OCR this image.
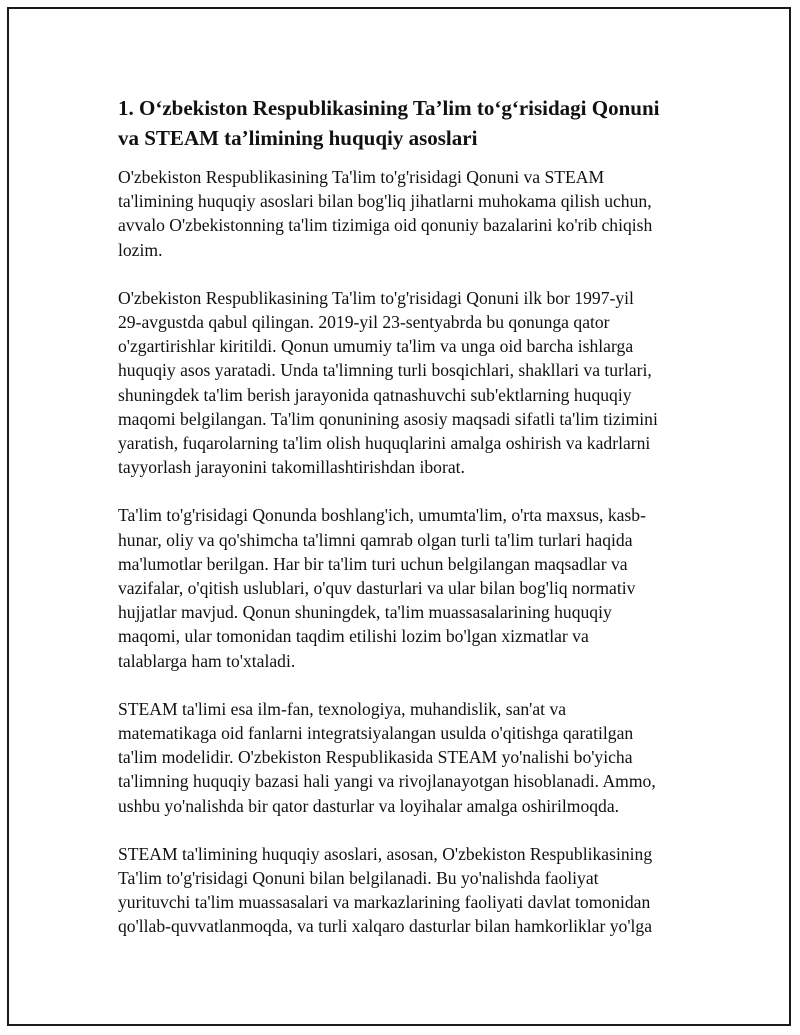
1. O‘zbekiston Respublikasining Ta’lim to‘g‘risidagi Qonuni
va STEAM ta’limining huquqiy asoslari

O'zbekiston Respublikasining Ta'lim to'g'risidagi Qonuni va STEAM
ta'limining huquqiy asoslari bilan bog'liq jihatlarni muhokama qilish uchun,
avvalo O'zbekistonning ta'lim tizimiga oid qonuniy bazalarini ko'rib chiqish
lozim.

O'zbekiston Respublikasining Ta'lim to'g'risidagi Qonuni ilk bor 1997-yil
29-avgustda qabul qilingan. 2019-yil 23-sentyabrda bu qonunga qator
o'zgartirishlar kiritildi. Qonun umumiy ta'lim va unga oid barcha ishlarga
huquqiy asos yaratadi. Unda ta'limning turli bosqichlari, shakllari va turlari,
shuningdek ta'lim berish jarayonida qatnashuvchi sub'ektlarning huquqiy
maqomi belgilangan. Ta'lim qonunining asosiy maqsadi sifatli ta'lim tizimini
yaratish, fuqarolarning ta'lim olish huquqlarini amalga oshirish va kadrlarni
tayyorlash jarayonini takomillashtirishdan iborat.

Ta'lim to'g'risidagi Qonunda boshlang'ich, umumta'lim, o'rta maxsus, kasb-
hunar, oliy va qo'shimcha ta'limni qamrab olgan turli ta'lim turlari haqida
ma'lumotlar berilgan. Har bir ta'lim turi uchun belgilangan maqsadlar va
vazifalar, o'qitish uslublari, o'quv dasturlari va ular bilan bog'liq normativ
hujjatlar mavjud. Qonun shuningdek, ta'lim muassasalarining huquqiy
maqomi, ular tomonidan taqdim etilishi lozim bo'lgan xizmatlar va
talablarga ham to'xtaladi.

STEAM ta'limi esa ilm-fan, texnologiya, muhandislik, san'at va
matematikaga oid fanlarni integratsiyalangan usulda o'qitishga qaratilgan
ta'lim modelidir. O'zbekiston Respublikasida STEAM yo'nalishi bo'yicha
ta'limning huquqiy bazasi hali yangi va rivojlanayotgan hisoblanadi. Ammo,
ushbu yo'nalishda bir qator dasturlar va loyihalar amalga oshirilmoqda.

STEAM ta'limining huquqiy asoslari, asosan, O'zbekiston Respublikasining
Ta'lim to'g'risidagi Qonuni bilan belgilanadi. Bu yo'nalishda faoliyat
yurituvchi ta'lim muassasalari va markazlarining faoliyati davlat tomonidan
qo'llab-quvvatlanmoqda, va turli xalqaro dasturlar bilan hamkorliklar yo'lga
